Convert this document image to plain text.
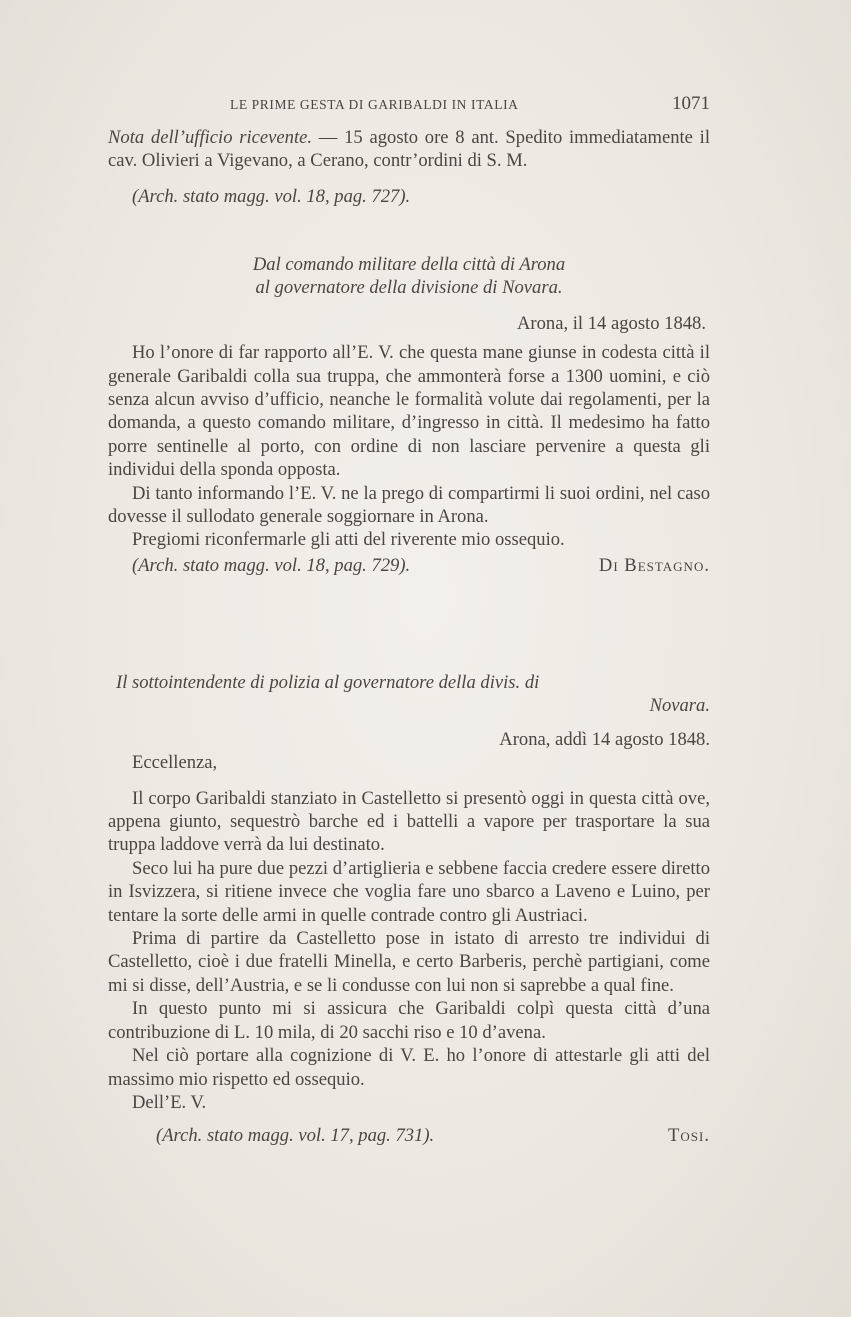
LE PRIME GESTA DI GARIBALDI IN ITALIA	1071

Nota dell’ufficio ricevente. — 15 agosto ore 8 ant. Spedito immediatamente il cav. Olivieri a Vigevano, a Cerano, contr’ordini di S. M.

(Arch. stato magg. vol. 18, pag. 727).

Dal comando militare della città di Arona

al governatore della divisione di Novara.

Arona, il 14 agosto 1848.

Ho l’onore di far rapporto all’E. V. che questa mane giunse in codesta città il generale Garibaldi colla sua truppa, che ammonterà forse a 1300 uomini, e ciò senza alcun avviso d’ufficio, neanche le formalità volute dai regolamenti, per la domanda, a questo comando militare, d’ingresso in città. Il medesimo ha fatto porre sentinelle al porto, con ordine di non lasciare pervenire a questa gli individui della sponda opposta.

Di tanto informando l’E. V. ne la prego di compartirmi li suoi ordini, nel caso dovesse il sullodato generale soggiornare in Arona.

Pregiomi riconfermarle gli atti del riverente mio ossequio.

(Arch. stato magg. vol. 18, pag. 729).	Di Bestagno.

Il sottointendente di polizia al governatore della divis. di

Novara.

Arona, addì 14 agosto 1848.

Eccellenza,

Il corpo Garibaldi stanziato in Castelletto si presentò oggi in questa città ove, appena giunto, sequestrò barche ed i battelli a vapore per trasportare la sua truppa laddove verrà da lui destinato.

Seco lui ha pure due pezzi d’artiglieria e sebbene faccia credere essere diretto in Isvizzera, si ritiene invece che voglia fare uno sbarco a Laveno e Luino, per tentare la sorte delle armi in quelle contrade contro gli Austriaci.

Prima di partire da Castelletto pose in istato di arresto tre individui di Castelletto, cioè i due fratelli Minella, e certo Barberis, perchè partigiani, come mi si disse, dell’Austria, e se li condusse con lui non si saprebbe a qual fine.

In questo punto mi si assicura che Garibaldi colpì questa città d’una contribuzione di L. 10 mila, di 20 sacchi riso e 10 d’avena.

Nel ciò portare alla cognizione di V. E. ho l’onore di attestarle gli atti del massimo mio rispetto ed ossequio.

Dell’E. V.

(Arch. stato magg. vol. 17, pag. 731).	Tosi.
